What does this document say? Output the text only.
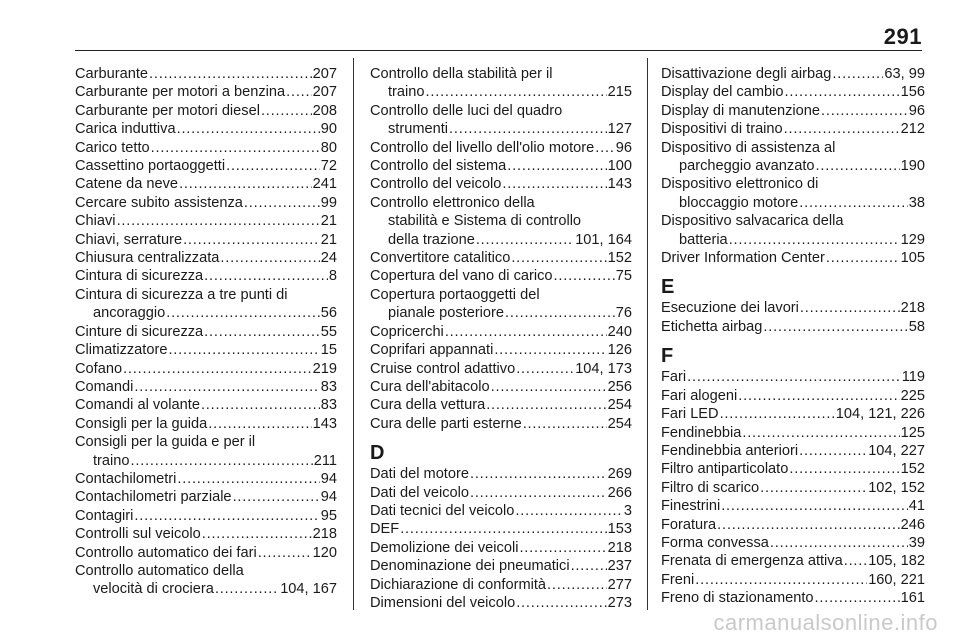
291
Carburante .....	207
Carburante per motori a benzina ..... 207
Carburante per motori diesel .....	208
Carica induttiva .....	90
Carico tetto .....	80
Cassettino portaoggetti .....	72
Catene da neve .....	241
Cercare subito assistenza .....	99
Chiavi .....	21
Chiavi, serrature .....	21
Chiusura centralizzata .....	24
Cintura di sicurezza .....	8
Cintura di sicurezza a tre punti di
ancoraggio .....	56
Cinture di sicurezza .....	55
Climatizzatore .....	15
Cofano .....	219
Comandi .....	83
Comandi al volante .....	83
Consigli per la guida .....	143
Consigli per la guida e per il
traino .....	211
Contachilometri .....	94
Contachilometri parziale .....	94
Contagiri .....	95
Controlli sul veicolo .....	218
Controllo automatico dei fari .....	120
Controllo automatico della
velocità di crociera .....	104, 167
Controllo della stabilità per il
traino .....	215
Controllo delle luci del quadro
strumenti .....	127
Controllo del livello dell'olio motore ..... 96
Controllo del sistema .....	100
Controllo del veicolo .....	143
Controllo elettronico della
stabilità e Sistema di controllo
della trazione .....	101, 164
Convertitore catalitico .....	152
Copertura del vano di carico .....	75
Copertura portaoggetti del
pianale posteriore .....	76
Copricerchi .....	240
Coprifari appannati .....	126
Cruise control adattivo .....	104, 173
Cura dell'abitacolo .....	256
Cura della vettura .....	254
Cura delle parti esterne .....	254
D
Dati del motore .....	269
Dati del veicolo .....	266
Dati tecnici del veicolo .....	3
DEF .....	153
Demolizione dei veicoli .....	218
Denominazione dei pneumatici .....	237
Dichiarazione di conformità .....	277
Dimensioni del veicolo .....	273
Disattivazione degli airbag .....	63, 99
Display del cambio .....	156
Display di manutenzione .....	96
Dispositivi di traino .....	212
Dispositivo di assistenza al
parcheggio avanzato .....	190
Dispositivo elettronico di
bloccaggio motore .....	38
Dispositivo salvacarica della
batteria .....	129
Driver Information Center .....	105
E
Esecuzione dei lavori .....	218
Etichetta airbag .....	58
F
Fari .....	119
Fari alogeni .....	225
Fari LED .....	104, 121, 226
Fendinebbia .....	125
Fendinebbia anteriori .....	104, 227
Filtro antiparticolato .....	152
Filtro di scarico .....	102, 152
Finestrini .....	41
Foratura .....	246
Forma convessa .....	39
Frenata di emergenza attiva ..... 105, 182
Freni .....	160, 221
Freno di stazionamento .....	161
carmanualsonline.info
